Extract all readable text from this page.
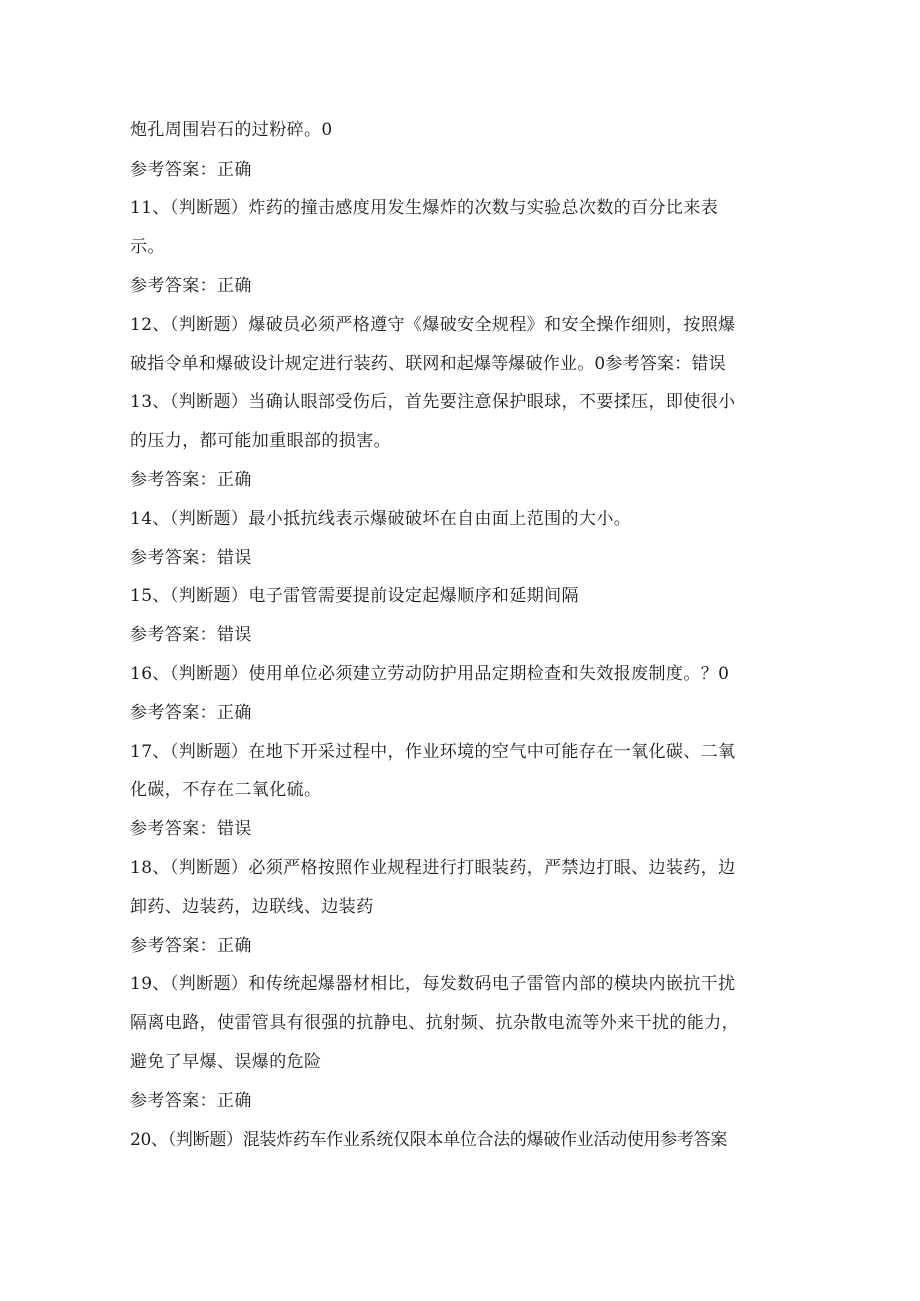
炮孔周围岩石的过粉碎。0
参考答案：正确
11、（判断题）炸药的撞击感度用发生爆炸的次数与实验总次数的百分比来表
示。
参考答案：正确
12、（判断题）爆破员必须严格遵守《爆破安全规程》和安全操作细则，按照爆
破指令单和爆破设计规定进行装药、联网和起爆等爆破作业。0参考答案：错误
13、（判断题）当确认眼部受伤后，首先要注意保护眼球，不要揉压，即使很小
的压力，都可能加重眼部的损害。
参考答案：正确
14、（判断题）最小抵抗线表示爆破破坏在自由面上范围的大小。
参考答案：错误
15、（判断题）电子雷管需要提前设定起爆顺序和延期间隔
参考答案：错误
16、（判断题）使用单位必须建立劳动防护用品定期检查和失效报废制度。？0
参考答案：正确
17、（判断题）在地下开采过程中，作业环境的空气中可能存在一氧化碳、二氧
化碳，不存在二氧化硫。
参考答案：错误
18、（判断题）必须严格按照作业规程进行打眼装药，严禁边打眼、边装药，边
卸药、边装药，边联线、边装药
参考答案：正确
19、（判断题）和传统起爆器材相比，每发数码电子雷管内部的模块内嵌抗干扰
隔离电路，使雷管具有很强的抗静电、抗射频、抗杂散电流等外来干扰的能力，
避免了早爆、误爆的危险
参考答案：正确
20、（判断题）混装炸药车作业系统仅限本单位合法的爆破作业活动使用参考答案
